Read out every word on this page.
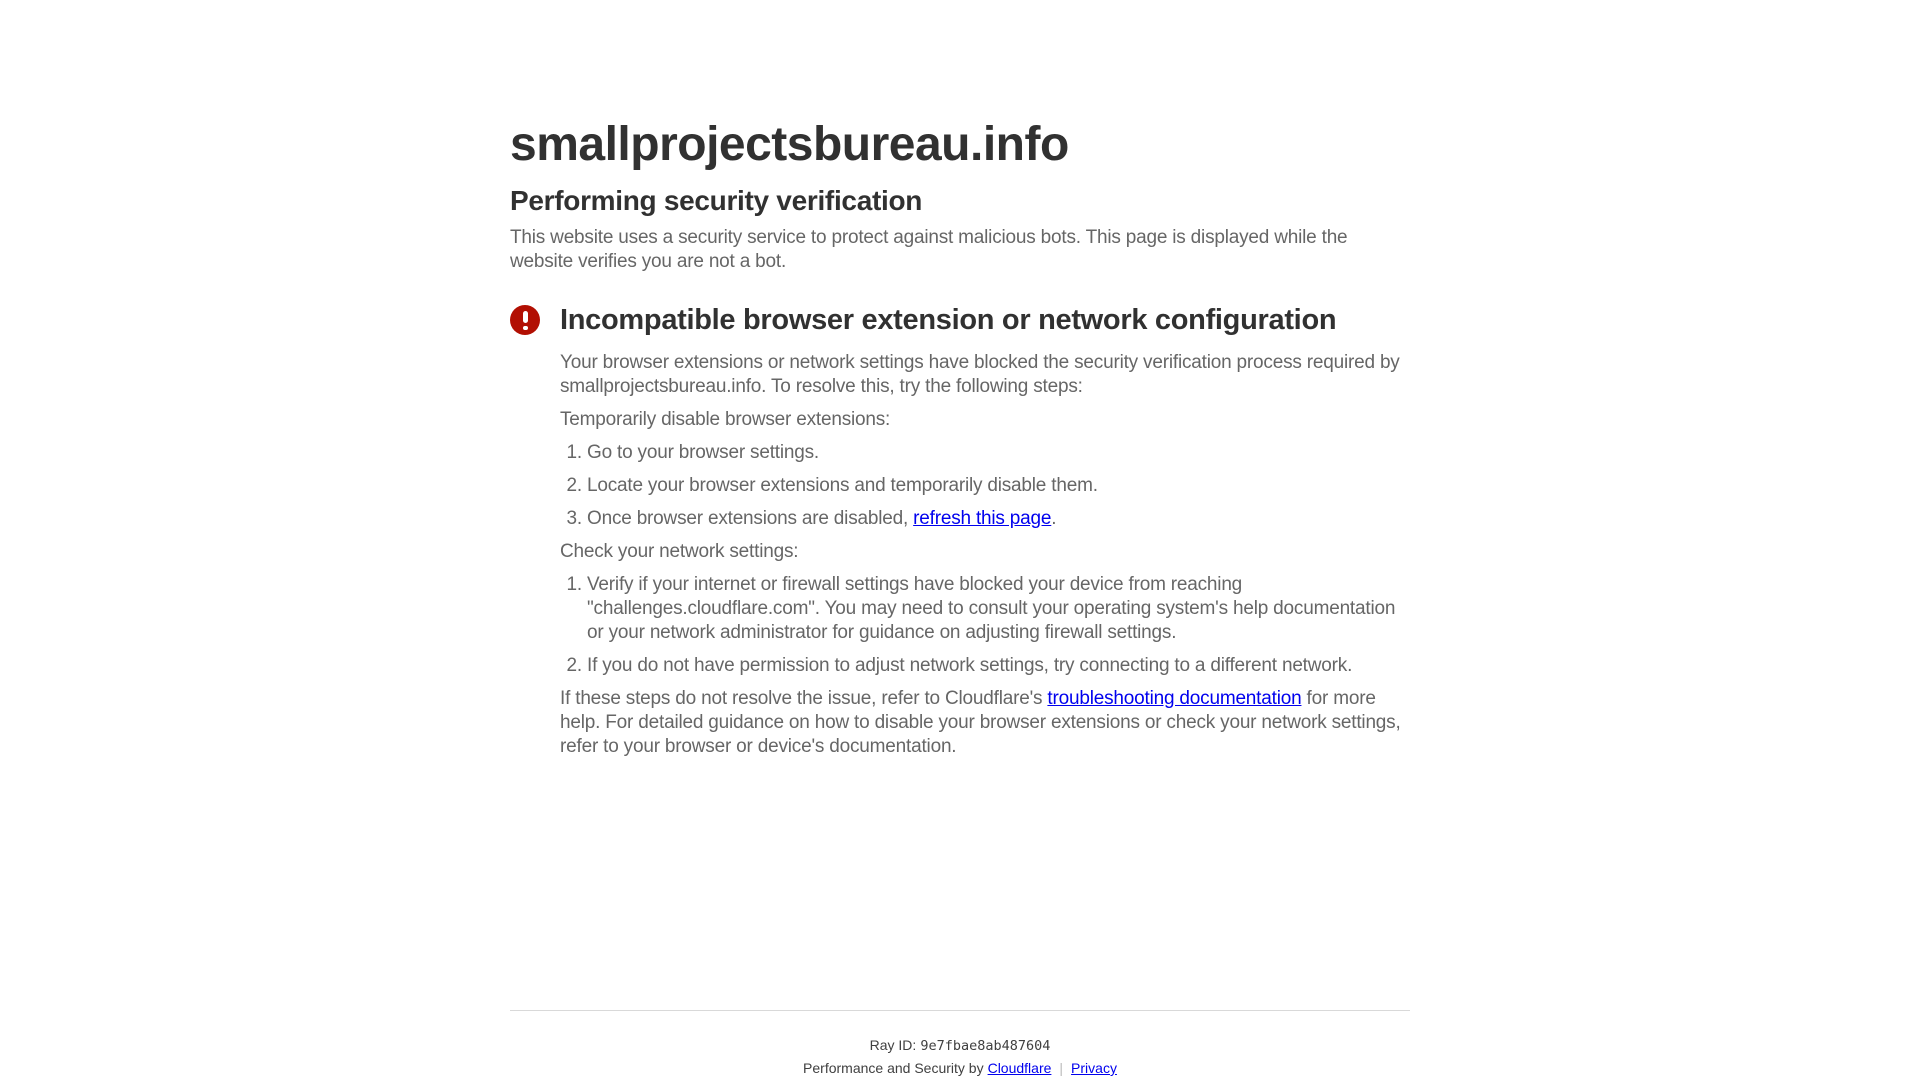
smallprojectsbureau.info
Performing security verification

This website uses a security service to protect against malicious bots. This page is displayed while the website verifies you are not a bot.

Incompatible browser extension or network configuration

Your browser extensions or network settings have blocked the security verification process required by smallprojectsbureau.info. To resolve this, try the following steps:

Temporarily disable browser extensions:

1. Go to your browser settings.
2. Locate your browser extensions and temporarily disable them.
3. Once browser extensions are disabled, refresh this page.

Check your network settings:

1. Verify if your internet or firewall settings have blocked your device from reaching "challenges.cloudflare.com". You may need to consult your operating system's help documentation or your network administrator for guidance on adjusting firewall settings.
2. If you do not have permission to adjust network settings, try connecting to a different network.

If these steps do not resolve the issue, refer to Cloudflare's troubleshooting documentation for more help. For detailed guidance on how to disable your browser extensions or check your network settings, refer to your browser or device's documentation.

Ray ID: 9e7fbae8ab487604
Performance and Security by Cloudflare | Privacy
